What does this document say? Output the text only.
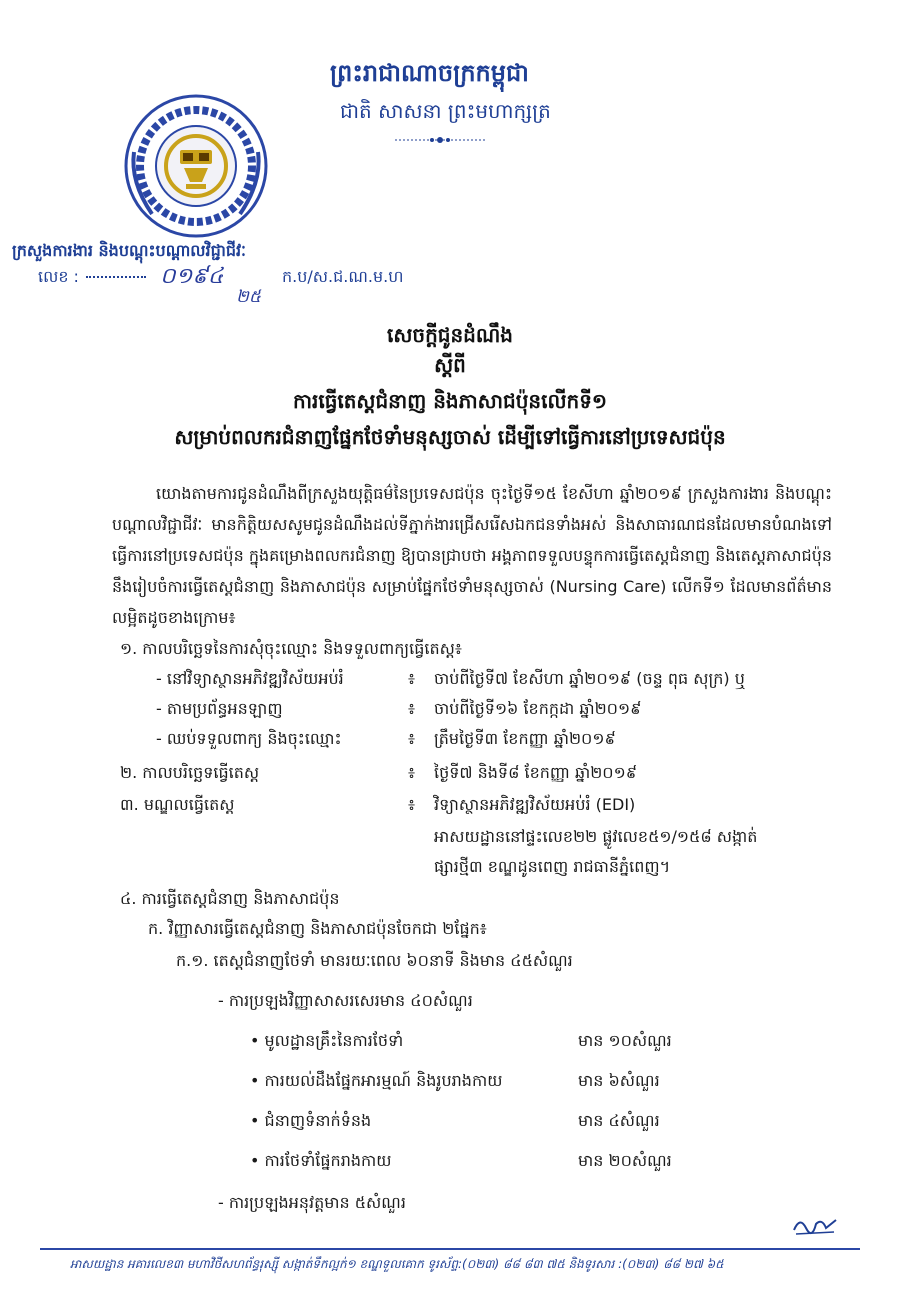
ព្រះរាជាណាចក្រកម្ពុជា
ជាតិ សាសនា ព្រះមហាក្សត្រ
ក្រសួងការងារ និងបណ្តុះបណ្តាលវិជ្ជាជីវៈ
លេខ :	០១៩៤
២៥
ក.ប/ស.ជ.ណ.ម.ហ
សេចក្តីជូនដំណឹង
ស្តីពី
ការធ្វើតេស្តជំនាញ និងភាសាជប៉ុនលើកទី១
សម្រាប់ពលករជំនាញផ្នែកថែទាំមនុស្សចាស់ ដើម្បីទៅធ្វើការនៅប្រទេសជប៉ុន
យោងតាមការជូនដំណឹងពីក្រសួងយុត្តិធម៌នៃប្រទេសជប៉ុន ចុះថ្ងៃទី១៥ ខែសីហា ឆ្នាំ២០១៩ ក្រសួងការងារ និងបណ្តុះបណ្តាលវិជ្ជាជីវៈ មានកិត្តិយសសូមជូនដំណឹងដល់ទីភ្នាក់ងារជ្រើសរើសឯកជនទាំងអស់ និងសាធារណជនដែលមានបំណងទៅធ្វើការនៅប្រទេសជប៉ុន ក្នុងគម្រោងពលករជំនាញ ឱ្យបានជ្រាបថា អង្គភាពទទួលបន្ទុកការធ្វើតេស្តជំនាញ និងតេស្តភាសាជប៉ុន នឹងរៀបចំការធ្វើតេស្តជំនាញ និងភាសាជប៉ុន សម្រាប់ផ្នែកថែទាំមនុស្សចាស់ (Nursing Care) លើកទី១ ដែលមានព័ត៌មានលម្អិតដូចខាងក្រោម៖
១. កាលបរិច្ឆេទនៃការសុំចុះឈ្មោះ និងទទួលពាក្យធ្វើតេស្ត៖
- នៅវិទ្យាស្ថានអភិវឌ្ឍវិស័យអប់រំ	៖ ចាប់ពីថ្ងៃទី៧ ខែសីហា ឆ្នាំ២០១៩ (ចន្ទ ពុធ សុក្រ) ឬ
- តាមប្រព័ន្ធអនឡាញ	៖ ចាប់ពីថ្ងៃទី១៦ ខែកក្កដា ឆ្នាំ២០១៩
- ឈប់ទទួលពាក្យ និងចុះឈ្មោះ	៖ ត្រឹមថ្ងៃទី៣ ខែកញ្ញា ឆ្នាំ២០១៩
២. កាលបរិច្ឆេទធ្វើតេស្ត	៖ ថ្ងៃទី៧ និងទី៨ ខែកញ្ញា ឆ្នាំ២០១៩
៣. មណ្ឌលធ្វើតេស្ត	៖ វិទ្យាស្ថានអភិវឌ្ឍវិស័យអប់រំ (EDI)
អាសយដ្ឋាននៅផ្ទះលេខ២២ ផ្លូវលេខ៥១/១៥៨ សង្កាត់
ផ្សារថ្មី៣ ខណ្ឌដូនពេញ រាជធានីភ្នំពេញ។
៤. ការធ្វើតេស្តជំនាញ និងភាសាជប៉ុន
ក. វិញ្ញាសារធ្វើតេស្តជំនាញ និងភាសាជប៉ុនចែកជា ២ផ្នែក៖
ក.១. តេស្តជំនាញថែទាំ មានរយៈពេល ៦០នាទី និងមាន ៤៥សំណួរ
- ការប្រឡងវិញ្ញាសាសរសេរមាន ៤០សំណួរ
• មូលដ្ឋានគ្រឹះនៃការថែទាំ	មាន ១០សំណួរ
• ការយល់ដឹងផ្នែកអារម្មណ៍ និងរូបរាងកាយ	មាន ៦សំណួរ
• ជំនាញទំនាក់ទំនង	មាន ៤សំណួរ
• ការថែទាំផ្នែករាងកាយ	មាន ២០សំណួរ
- ការប្រឡងអនុវត្តមាន ៥សំណួរ
អាសយដ្ឋាន អគារលេខ៣ មហាវិថីសហព័ន្ធរុស្ស៊ី សង្កាត់ទឹកល្អក់១ ខណ្ឌទួលគោក ទូរស័ព្ទ:(០២៣) ៨៨ ៨៣ ៧៥ និងទូរសារ :(០២៣) ៨៨ ២៧ ៦៥
